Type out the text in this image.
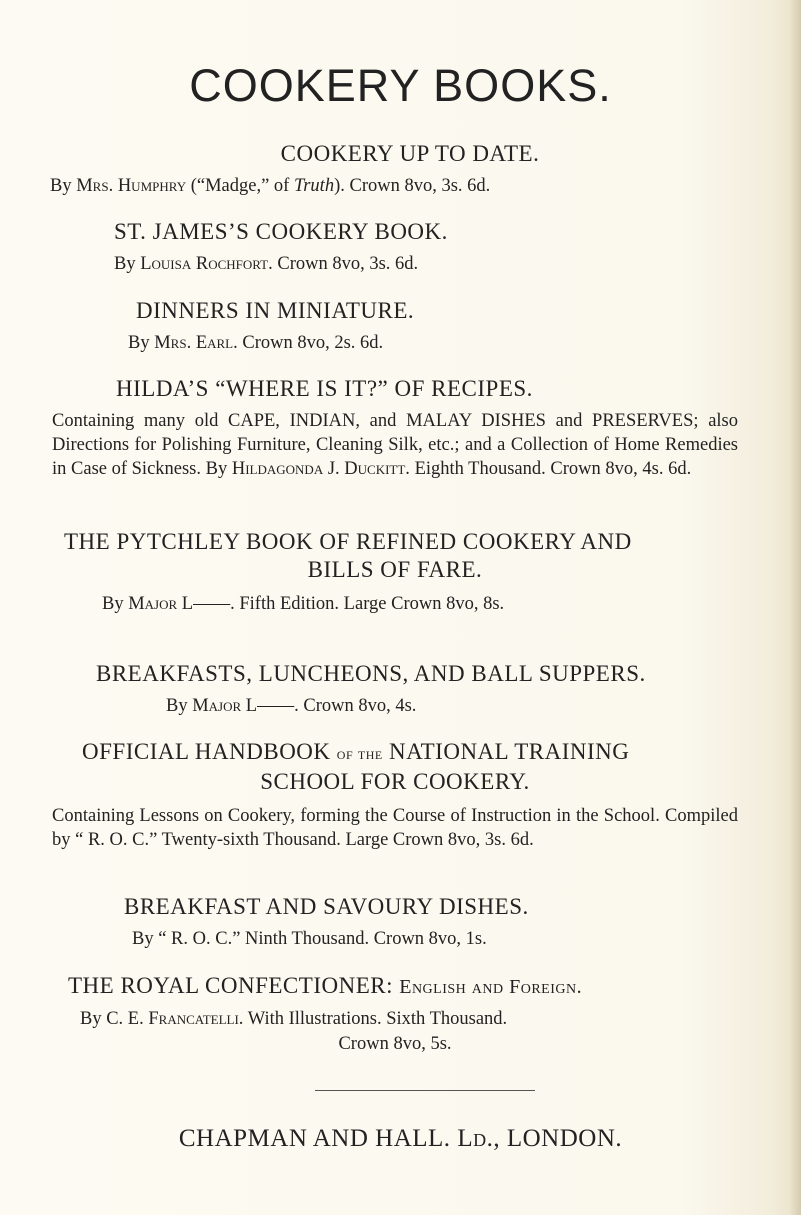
COOKERY BOOKS.

COOKERY UP TO DATE.

By Mrs. Humphry (“Madge,” of Truth). Crown 8vo, 3s. 6d.

ST. JAMES’S COOKERY BOOK.

By Louisa Rochfort. Crown 8vo, 3s. 6d.

DINNERS IN MINIATURE.

By Mrs. Earl. Crown 8vo, 2s. 6d.

HILDA’S “WHERE IS IT?” OF RECIPES.

Containing many old CAPE, INDIAN, and MALAY DISHES and PRESERVES; also Directions for Polishing Furniture, Cleaning Silk, etc.; and a Collection of Home Remedies in Case of Sickness. By Hildagonda J. Duckitt. Eighth Thousand. Crown 8vo, 4s. 6d.

THE PYTCHLEY BOOK OF REFINED COOKERY AND

BILLS OF FARE.

By Major L——. Fifth Edition. Large Crown 8vo, 8s.

BREAKFASTS, LUNCHEONS, AND BALL SUPPERS.

By Major L——. Crown 8vo, 4s.

OFFICIAL HANDBOOK of the NATIONAL TRAINING

SCHOOL FOR COOKERY.

Containing Lessons on Cookery, forming the Course of Instruction in the School. Compiled by “ R. O. C.” Twenty-sixth Thousand. Large Crown 8vo, 3s. 6d.

BREAKFAST AND SAVOURY DISHES.

By “ R. O. C.” Ninth Thousand. Crown 8vo, 1s.

THE ROYAL CONFECTIONER: English and Foreign.

By C. E. Francatelli. With Illustrations. Sixth Thousand.

Crown 8vo, 5s.

CHAPMAN AND HALL. Ld., LONDON.
